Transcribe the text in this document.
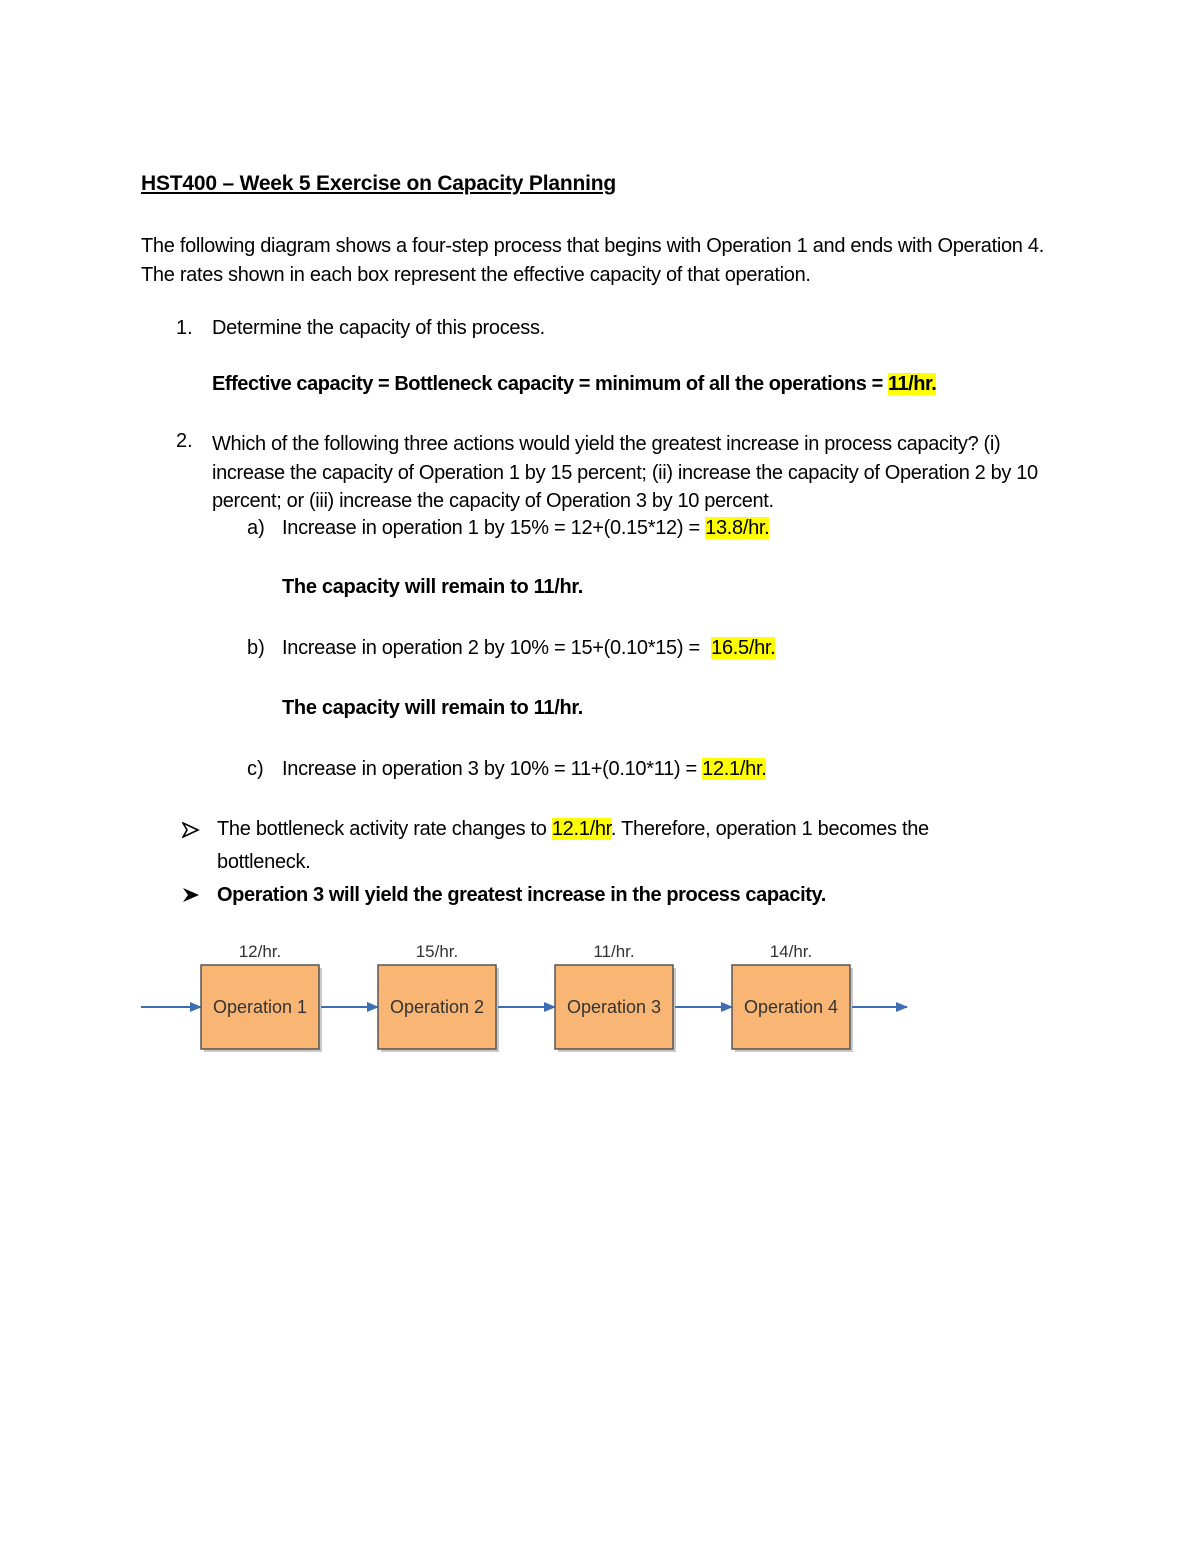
HST400 – Week 5 Exercise on Capacity Planning
The following diagram shows a four-step process that begins with Operation 1 and ends with Operation 4. The rates shown in each box represent the effective capacity of that operation.
1. Determine the capacity of this process.
Effective capacity = Bottleneck capacity = minimum of all the operations = 11/hr.
2. Which of the following three actions would yield the greatest increase in process capacity? (i) increase the capacity of Operation 1 by 15 percent; (ii) increase the capacity of Operation 2 by 10 percent; or (iii) increase the capacity of Operation 3 by 10 percent.
a) Increase in operation 1 by 15% = 12+(0.15*12) = 13.8/hr.
The capacity will remain to 11/hr.
b) Increase in operation 2 by 10% = 15+(0.10*15) = 16.5/hr.
The capacity will remain to 11/hr.
c) Increase in operation 3 by 10% = 11+(0.10*11) = 12.1/hr.
The bottleneck activity rate changes to 12.1/hr. Therefore, operation 1 becomes the
bottleneck.
Operation 3 will yield the greatest increase in the process capacity.
Operation 1
12/hr.
Operation 2
15/hr.
Operation 3
11/hr.
Operation 4
14/hr.
